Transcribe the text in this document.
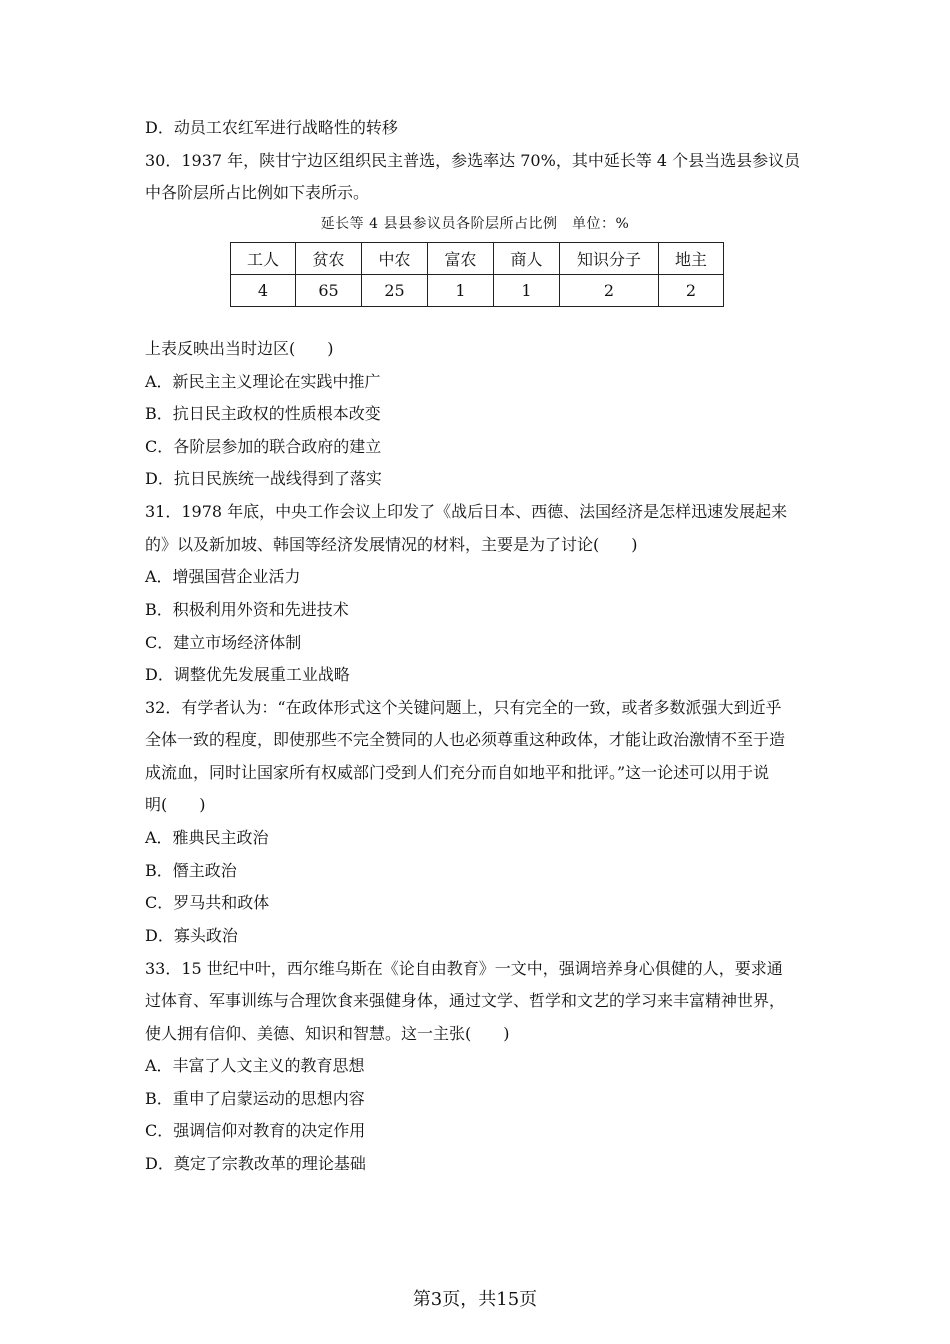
D．动员工农红军进行战略性的转移
30．1937 年，陕甘宁边区组织民主普选，参选率达 70%，其中延长等 4 个县当选县参议员
中各阶层所占比例如下表所示。
延长等 4 县县参议员各阶层所占比例　单位：%
工人	贫农	中农	富农	商人	知识分子	地主
4	65	25	1	1	2	2
上表反映出当时边区(　　)
A．新民主主义理论在实践中推广
B．抗日民主政权的性质根本改变
C．各阶层参加的联合政府的建立
D．抗日民族统一战线得到了落实
31．1978 年底，中央工作会议上印发了《战后日本、西德、法国经济是怎样迅速发展起来
的》以及新加坡、韩国等经济发展情况的材料，主要是为了讨论(　　)
A．增强国营企业活力
B．积极利用外资和先进技术
C．建立市场经济体制
D．调整优先发展重工业战略
32．有学者认为：“在政体形式这个关键问题上，只有完全的一致，或者多数派强大到近乎
全体一致的程度，即使那些不完全赞同的人也必须尊重这种政体，才能让政治激情不至于造
成流血，同时让国家所有权威部门受到人们充分而自如地平和批评。”这一论述可以用于说
明(　　)
A．雅典民主政治
B．僭主政治
C．罗马共和政体
D．寡头政治
33．15 世纪中叶，西尔维乌斯在《论自由教育》一文中，强调培养身心俱健的人，要求通
过体育、军事训练与合理饮食来强健身体，通过文学、哲学和文艺的学习来丰富精神世界，
使人拥有信仰、美德、知识和智慧。这一主张(　　)
A．丰富了人文主义的教育思想
B．重申了启蒙运动的思想内容
C．强调信仰对教育的决定作用
D．奠定了宗教改革的理论基础
第3页，共15页
